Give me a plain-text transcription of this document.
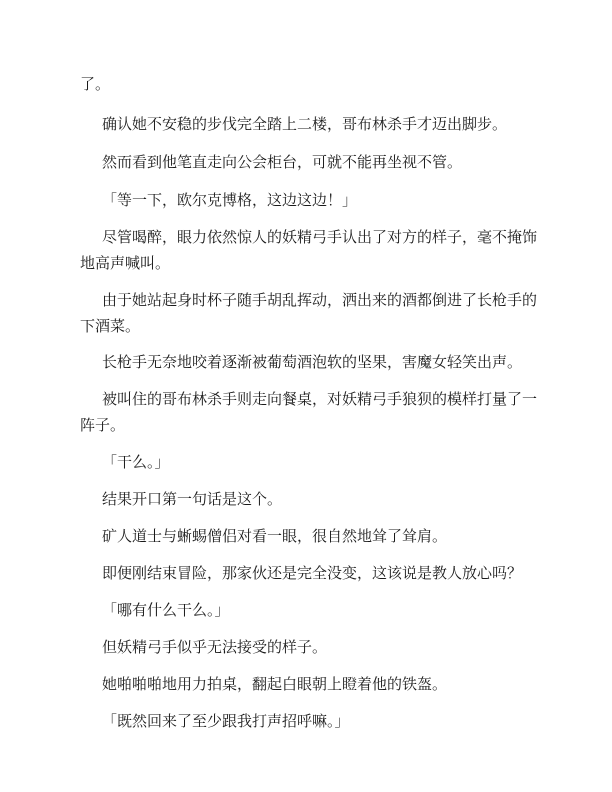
了。

确认她不安稳的步伐完全踏上二楼，哥布林杀手才迈出脚步。

然而看到他笔直走向公会柜台，可就不能再坐视不管。

「等一下，欧尔克博格，这边这边！」

尽管喝醉，眼力依然惊人的妖精弓手认出了对方的样子，毫不掩饰地高声喊叫。

由于她站起身时杯子随手胡乱挥动，洒出来的酒都倒进了长枪手的下酒菜。

长枪手无奈地咬着逐渐被葡萄酒泡软的坚果，害魔女轻笑出声。

被叫住的哥布林杀手则走向餐桌，对妖精弓手狼狈的模样打量了一阵子。

「干么。」

结果开口第一句话是这个。

矿人道士与蜥蜴僧侣对看一眼，很自然地耸了耸肩。

即便刚结束冒险，那家伙还是完全没变，这该说是教人放心吗？

「哪有什么干么。」

但妖精弓手似乎无法接受的样子。

她啪啪啪地用力拍桌，翻起白眼朝上瞪着他的铁盔。

「既然回来了至少跟我打声招呼嘛。」
